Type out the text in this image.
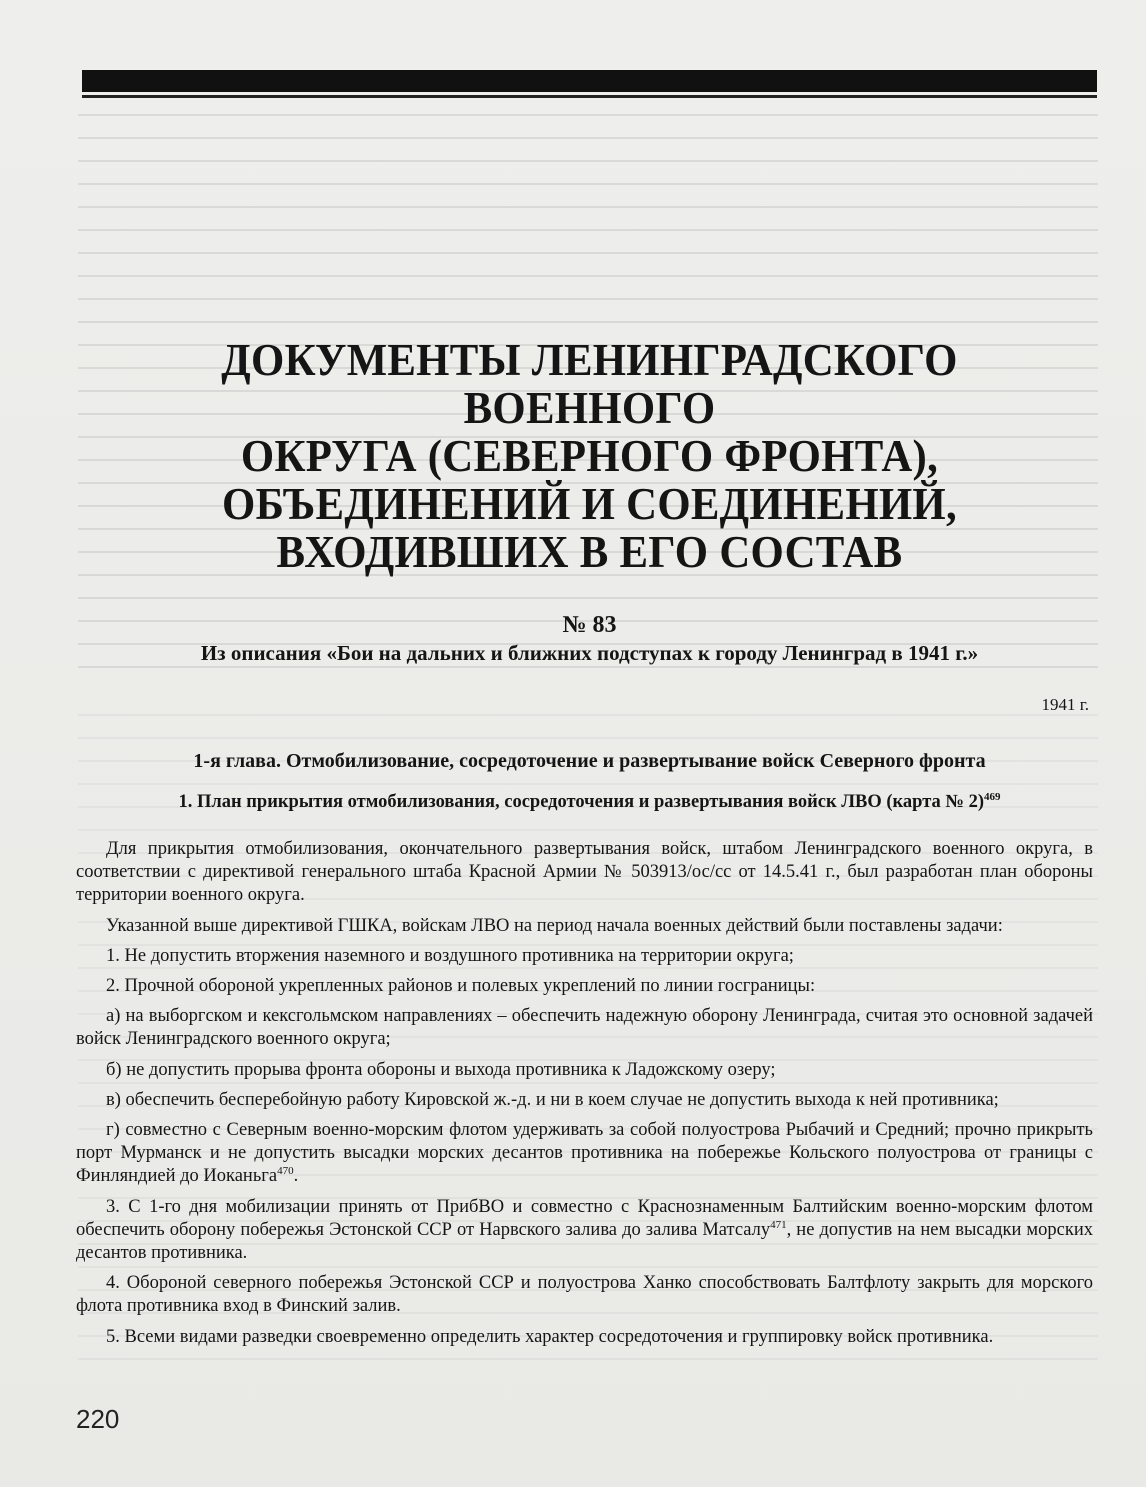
ДОКУМЕНТЫ ЛЕНИНГРАДСКОГО ВОЕННОГО
ОКРУГА (СЕВЕРНОГО ФРОНТА),
ОБЪЕДИНЕНИЙ И СОЕДИНЕНИЙ,
ВХОДИВШИХ В ЕГО СОСТАВ
№ 83
Из описания «Бои на дальних и ближних подступах к городу Ленинград в 1941 г.»
1941 г.
1-я глава. Отмобилизование, сосредоточение и развертывание войск Северного фронта
1. План прикрытия отмобилизования, сосредоточения и развертывания войск ЛВО (карта № 2)$^{469}$

Для прикрытия отмобилизования, окончательного развертывания войск, штабом Ленинградского военного округа, в соответствии с директивой генерального штаба Красной Армии № 503913/ос/сс от 14.5.41 г., был разработан план обороны территории военного округа.

Указанной выше директивой ГШКА, войскам ЛВО на период начала военных действий были поставлены задачи:

1. Не допустить вторжения наземного и воздушного противника на территории округа;

2. Прочной обороной укрепленных районов и полевых укреплений по линии госграницы:

а) на выборгском и кексгольмском направлениях – обеспечить надежную оборону Ленинграда, считая это основной задачей войск Ленинградского военного округа;

б) не допустить прорыва фронта обороны и выхода противника к Ладожскому озеру;

в) обеспечить бесперебойную работу Кировской ж.-д. и ни в коем случае не допустить выхода к ней противника;

г) совместно с Северным военно-морским флотом удерживать за собой полуострова Рыбачий и Средний; прочно прикрыть порт Мурманск и не допустить высадки морских десантов противника на побережье Кольского полуострова от границы с Финляндией до Иоканьга$^{470}$.

3. С 1-го дня мобилизации принять от ПрибВО и совместно с Краснознаменным Балтийским военно-морским флотом обеспечить оборону побережья Эстонской ССР от Нарвского залива до залива Матсалу$^{471}$, не допустив на нем высадки морских десантов противника.

4. Обороной северного побережья Эстонской ССР и полуострова Ханко способствовать Балтфлоту закрыть для морского флота противника вход в Финский залив.

5. Всеми видами разведки своевременно определить характер сосредоточения и группировку войск противника.

220
